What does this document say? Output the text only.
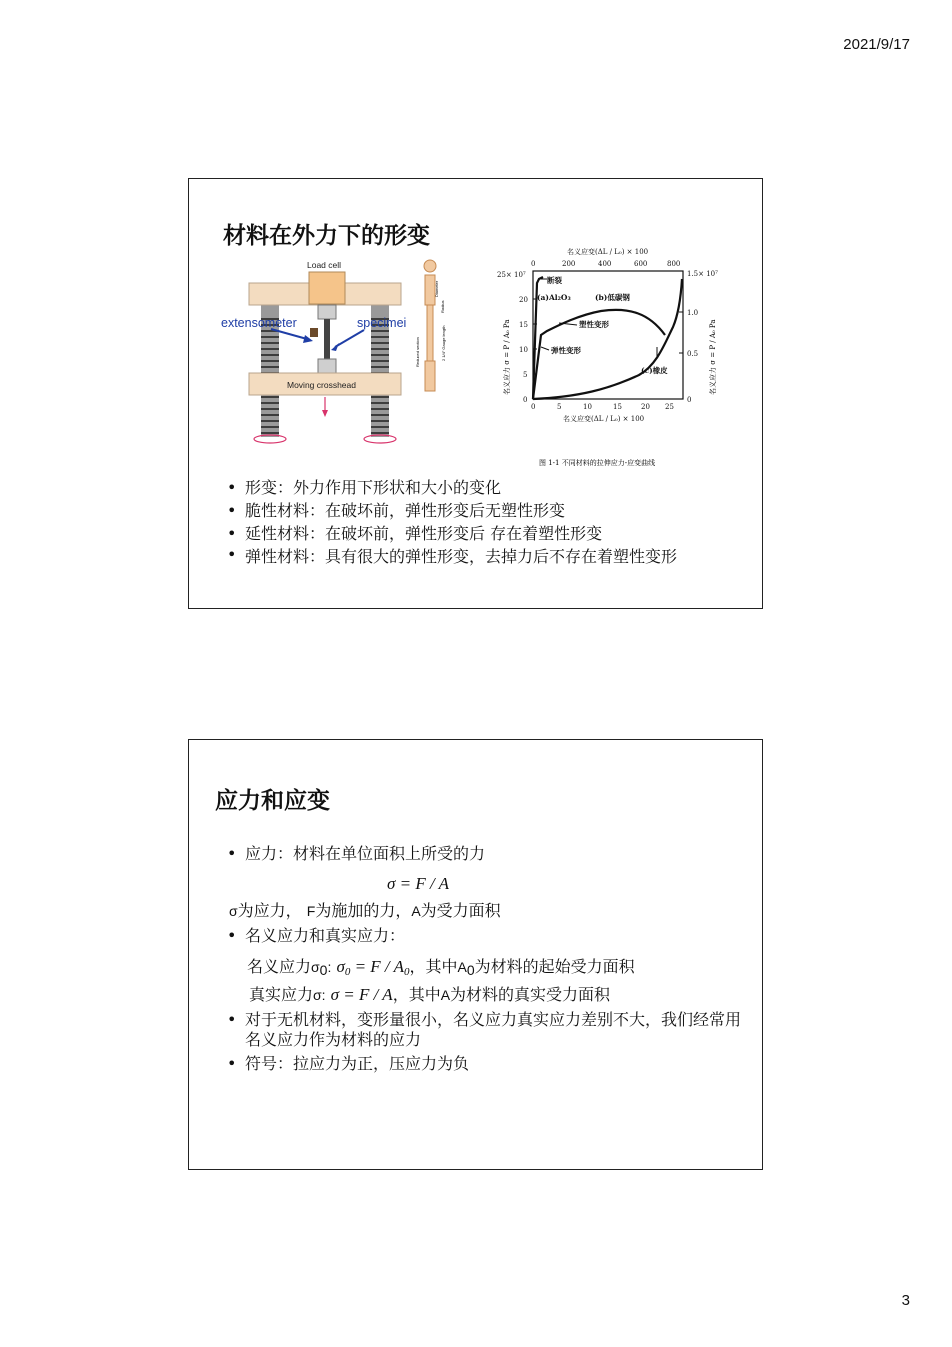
2021/9/17
材料在外力下的形变
Load cell
Moving crosshead
extensometer	specimei
Diameter
Radius
Reduced section	2 1/4" Gauge length
名义应变(ΔL / L₀) × 100
0	200	400	600	800
0
5
10
15
20
25× 10⁷
0
0.5
1.0
1.5× 10⁷
名义应力 σ = P / A₀ Pa	名义应力 σ = P / A₀ Pa
0	5	10	15	20 25
名义应变(ΔL / L₀) × 100
断裂
(a)Al₂O₃	(b)低碳钢
塑性变形
弹性变形
(c)橡皮
图 1-1 不同材料的拉伸应力-应变曲线
• 形变：外力作用下形状和大小的变化
• 脆性材料：在破坏前，弹性形变后无塑性形变
• 延性材料：在破坏前，弹性形变后 存在着塑性形变
• 弹性材料：具有很大的弹性形变，去掉力后不存在着塑性变形
应力和应变
• 应力：材料在单位面积上所受的力
σ = F / A
σ为应力， F为施加的力，A为受力面积
• 名义应力和真实应力：
名义应力σ0: $\sigma_0 = F / A_0$，其中A0为材料的起始受力面积
真实应力σ: σ = F / A，其中A为材料的真实受力面积
• 对于无机材料，变形量很小，名义应力真实应力差别不大，我们经常用名义应力作为材料的应力
• 符号：拉应力为正，压应力为负
3
